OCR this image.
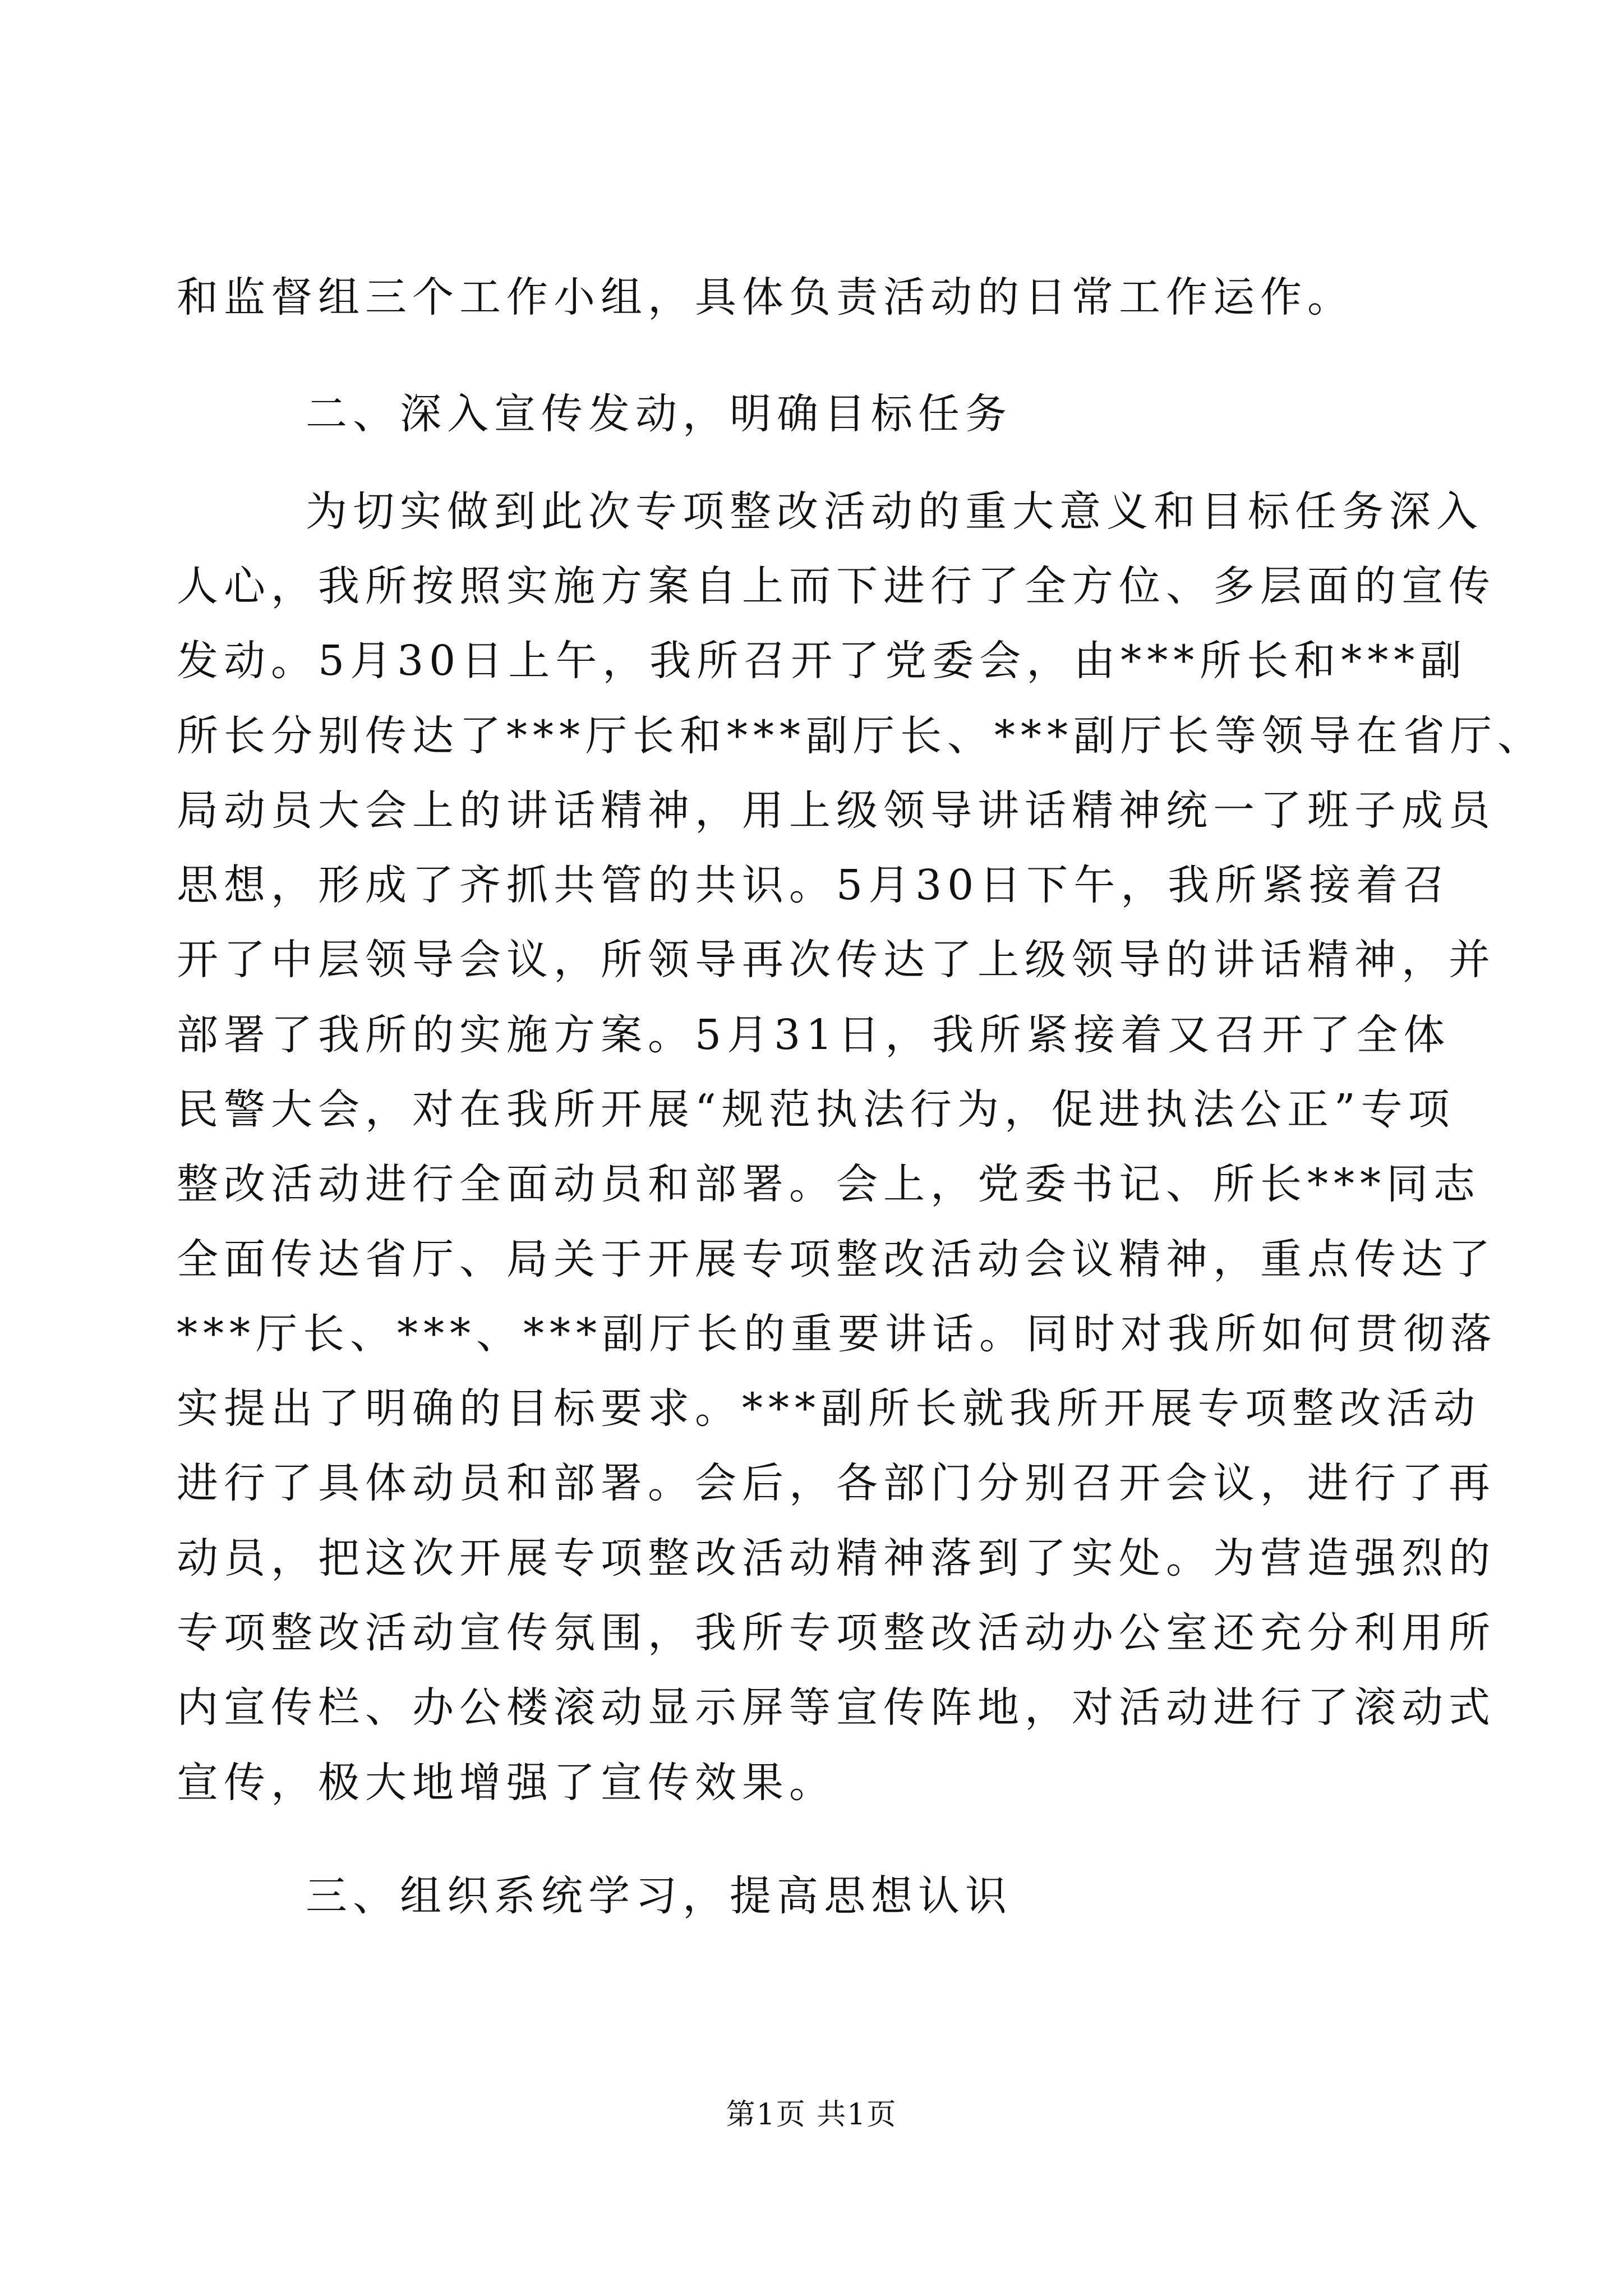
和监督组三个工作小组，具体负责活动的日常工作运作。
二、深入宣传发动，明确目标任务
为切实做到此次专项整改活动的重大意义和目标任务深入
人心，我所按照实施方案自上而下进行了全方位、多层面的宣传
发动。5月30日上午，我所召开了党委会，由***所长和***副
所长分别传达了***厅长和***副厅长、***副厅长等领导在省厅、
局动员大会上的讲话精神，用上级领导讲话精神统一了班子成员
思想，形成了齐抓共管的共识。5月30日下午，我所紧接着召
开了中层领导会议，所领导再次传达了上级领导的讲话精神，并
部署了我所的实施方案。5月31日，我所紧接着又召开了全体
民警大会，对在我所开展“规范执法行为，促进执法公正”专项
整改活动进行全面动员和部署。会上，党委书记、所长***同志
全面传达省厅、局关于开展专项整改活动会议精神，重点传达了
***厅长、***、***副厅长的重要讲话。同时对我所如何贯彻落
实提出了明确的目标要求。***副所长就我所开展专项整改活动
进行了具体动员和部署。会后，各部门分别召开会议，进行了再
动员，把这次开展专项整改活动精神落到了实处。为营造强烈的
专项整改活动宣传氛围，我所专项整改活动办公室还充分利用所
内宣传栏、办公楼滚动显示屏等宣传阵地，对活动进行了滚动式
宣传，极大地增强了宣传效果。
三、组织系统学习，提高思想认识
第1页 共1页
